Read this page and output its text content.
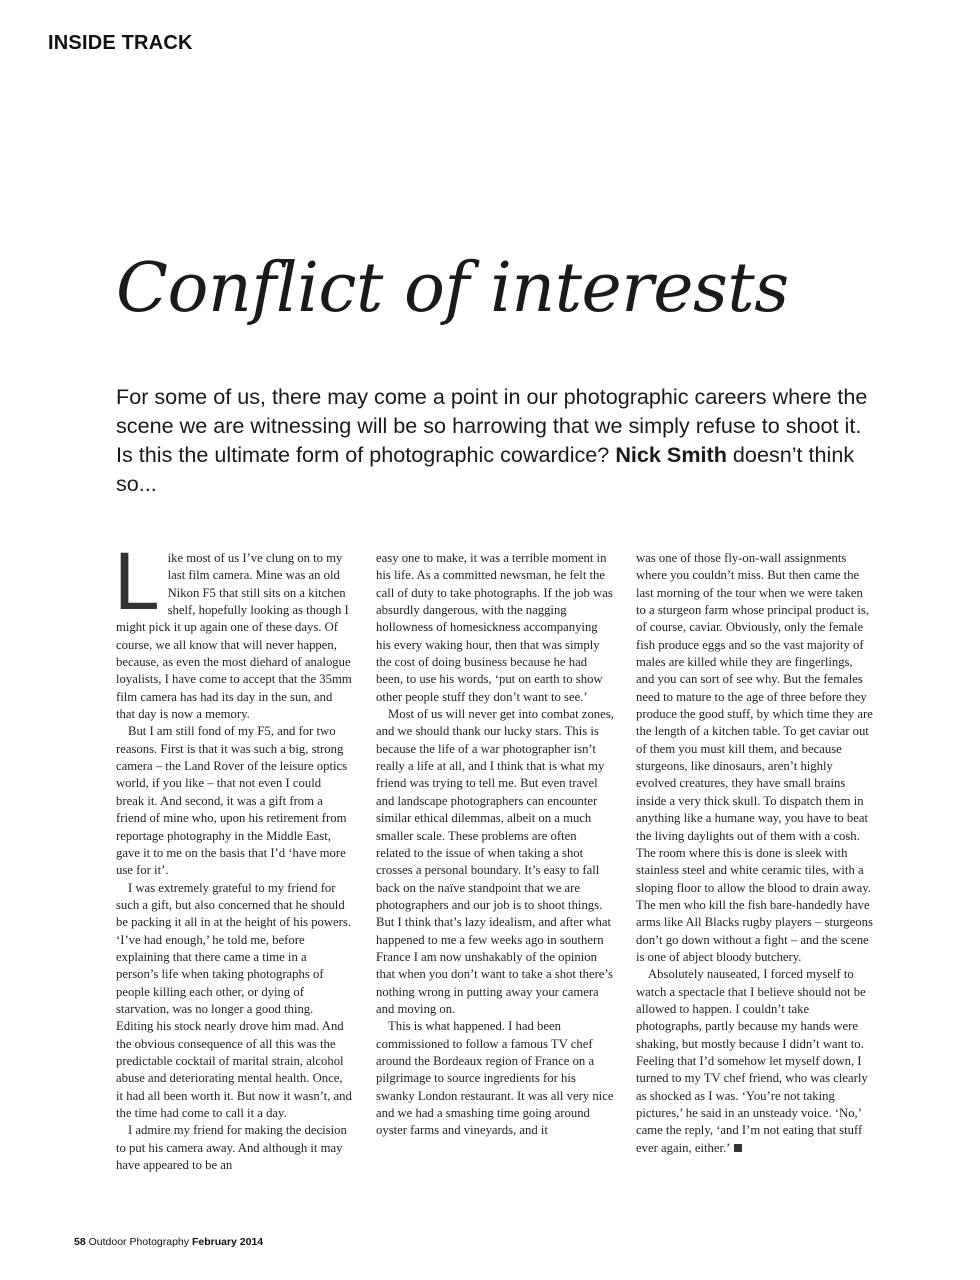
INSIDE TRACK
Conflict of interests
For some of us, there may come a point in our photographic careers where the scene we are witnessing will be so harrowing that we simply refuse to shoot it. Is this the ultimate form of photographic cowardice? Nick Smith doesn’t think so...

Like most of us I’ve clung on to my last film camera. Mine was an old Nikon F5 that still sits on a kitchen shelf, hopefully looking as though I might pick it up again one of these days. Of course, we all know that will never happen, because, as even the most diehard of analogue loyalists, I have come to accept that the 35mm film camera has had its day in the sun, and that day is now a memory.

But I am still fond of my F5, and for two reasons. First is that it was such a big, strong camera – the Land Rover of the leisure optics world, if you like – that not even I could break it. And second, it was a gift from a friend of mine who, upon his retirement from reportage photography in the Middle East, gave it to me on the basis that I’d ‘have more use for it’.

I was extremely grateful to my friend for such a gift, but also concerned that he should be packing it all in at the height of his powers. ‘I’ve had enough,’ he told me, before explaining that there came a time in a person’s life when taking photographs of people killing each other, or dying of starvation, was no longer a good thing. Editing his stock nearly drove him mad. And the obvious consequence of all this was the predictable cocktail of marital strain, alcohol abuse and deteriorating mental health. Once, it had all been worth it. But now it wasn’t, and the time had come to call it a day.

I admire my friend for making the decision to put his camera away. And although it may have appeared to be an

easy one to make, it was a terrible moment in his life. As a committed newsman, he felt the call of duty to take photographs. If the job was absurdly dangerous, with the nagging hollowness of homesickness accompanying his every waking hour, then that was simply the cost of doing business because he had been, to use his words, ‘put on earth to show other people stuff they don’t want to see.’

Most of us will never get into combat zones, and we should thank our lucky stars. This is because the life of a war photographer isn’t really a life at all, and I think that is what my friend was trying to tell me. But even travel and landscape photographers can encounter similar ethical dilemmas, albeit on a much smaller scale. These problems are often related to the issue of when taking a shot crosses a personal boundary. It’s easy to fall back on the naïve standpoint that we are photographers and our job is to shoot things. But I think that’s lazy idealism, and after what happened to me a few weeks ago in southern France I am now unshakably of the opinion that when you don’t want to take a shot there’s nothing wrong in putting away your camera and moving on.

This is what happened. I had been commissioned to follow a famous TV chef around the Bordeaux region of France on a pilgrimage to source ingredients for his swanky London restaurant. It was all very nice and we had a smashing time going around oyster farms and vineyards, and it

was one of those fly-on-wall assignments where you couldn’t miss. But then came the last morning of the tour when we were taken to a sturgeon farm whose principal product is, of course, caviar. Obviously, only the female fish produce eggs and so the vast majority of males are killed while they are fingerlings, and you can sort of see why. But the females need to mature to the age of three before they produce the good stuff, by which time they are the length of a kitchen table. To get caviar out of them you must kill them, and because sturgeons, like dinosaurs, aren’t highly evolved creatures, they have small brains inside a very thick skull. To dispatch them in anything like a humane way, you have to beat the living daylights out of them with a cosh. The room where this is done is sleek with stainless steel and white ceramic tiles, with a sloping floor to allow the blood to drain away. The men who kill the fish bare-handedly have arms like All Blacks rugby players – sturgeons don’t go down without a fight – and the scene is one of abject bloody butchery.

Absolutely nauseated, I forced myself to watch a spectacle that I believe should not be allowed to happen. I couldn’t take photographs, partly because my hands were shaking, but mostly because I didn’t want to. Feeling that I’d somehow let myself down, I turned to my TV chef friend, who was clearly as shocked as I was. ‘You’re not taking pictures,’ he said in an unsteady voice. ‘No,’ came the reply, ‘and I’m not eating that stuff ever again, either.’

58 Outdoor Photography February 2014
